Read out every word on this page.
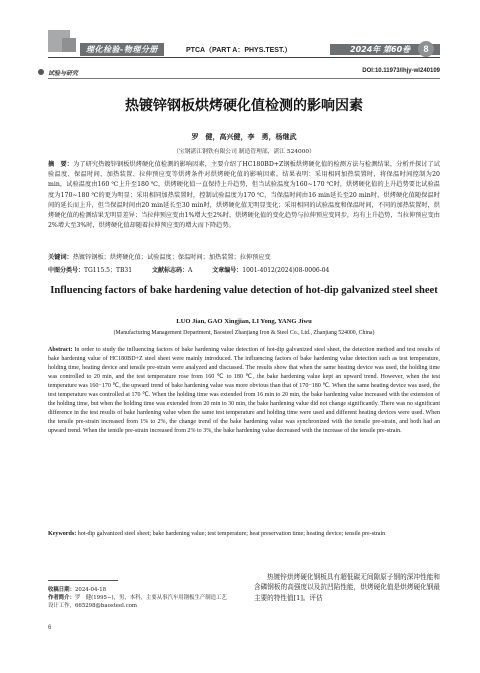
理化检验-物理分册	PTCA（PART A：PHYS.TEST.）	2024年 第60卷	8
试验与研究	DOI:10.11973/lhjy-wl240109
热镀锌钢板烘烤硬化值检测的影响因素
罗　健，高兴健，李　勇，杨继武
（宝钢湛江钢铁有限公司 制造管理部，湛江 524000）
摘　要：为了研究热镀锌钢板烘烤硬化值检测的影响因素，主要介绍了HC180BD+Z钢板烘烤硬化值的检测方法与检测结果，分析并探讨了试验温度、保温时间、加热装置、拉伸预应变等烘烤条件对烘烤硬化值的影响因素。结果表明：采用相同加热装置时，将保温时间控制为20 min，试验温度由160 ℃上升至180 ℃，烘烤硬化值一直保持上升趋势，但当试验温度为160~170 ℃时，烘烤硬化值的上升趋势要比试验温度为170~180 ℃的更为明显；采用相同加热装置时，控制试验温度为170 ℃，当保温时间由16 min延长至20 min时，烘烤硬化值随保温时间的延长而上升，但当保温时间由20 min延长至30 min时，烘烤硬化值无明显变化；采用相同的试验温度和保温时间，不同的加热装置时，烘烤硬化值的检测结果无明显差异；当拉伸预应变由1%增大至2%时，烘烤硬化值的变化趋势与拉伸预应变同步，均有上升趋势，当拉伸预应变由2%增大至3%时，烘烤硬化值却随着拉伸预应变的增大而下降趋势。
关键词：热镀锌钢板；烘烤硬化值；试验温度；保温时间；加热装置；拉伸预应变
中图分类号：TG115.5；TB31	文献标志码：A	文章编号：1001-4012(2024)08-0006-04
Influencing factors of bake hardening value detection of hot-dip galvanized steel sheet
LUO Jian, GAO Xingjian, LI Yong, YANG Jiwu
(Manufacturing Management Department, Baosteel Zhanjiang Iron & Steel Co., Ltd., Zhanjiang 524000, China)
Abstract: In order to study the influencing factors of bake hardening value detection of hot-dip galvanized steel sheet, the detection method and test results of bake hardening value of HC180BD+Z steel sheet were mainly introduced. The influencing factors of bake hardening value detection such as test temperature, holding time, heating device and tensile pre-strain were analyzed and discussed. The results show that when the same heating device was used, the holding time was controlled to 20 min, and the test temperature rose from 160 ℃ to 180 ℃, the bake hardening value kept an upward trend. However, when the test temperature was 160−170 ℃, the upward trend of bake hardening value was more obvious than that of 170−180 ℃. When the same heating device was used, the test temperature was controlled at 170 ℃. When the holding time was extended from 16 min to 20 min, the bake hardening value increased with the extension of the holding time, but when the holding time was extended from 20 min to 30 min, the bake hardening value did not change significantly. There was no significant difference in the test results of bake hardening value when the same test temperature and holding time were used and different heating devices were used. When the tensile pre-strain increased from 1% to 2%, the change trend of the bake hardening value was synchronized with the tensile pre-strain, and both had an upward trend. When the tensile pre-strain increased from 2% to 3%, the bake hardening value decreased with the increase of the tensile pre-strain.
Keywords: hot-dip galvanized steel sheet; bake hardening value; test temperature; heat preservation time; heating device; tensile pre-strain
收稿日期：2024-04-18
作者简介：罗　健(1995−)，男，本科，主要从事汽车用钢板生产制造工艺设计工作，665298@baosteel.com
6
热镀锌烘烤硬化钢板具有超低碳无间隙原子钢的深冲性能和含磷钢板的高强度以及抗凹陷性能，烘烤硬化值是烘烤硬化钢最主要的特性值[1]。评估
